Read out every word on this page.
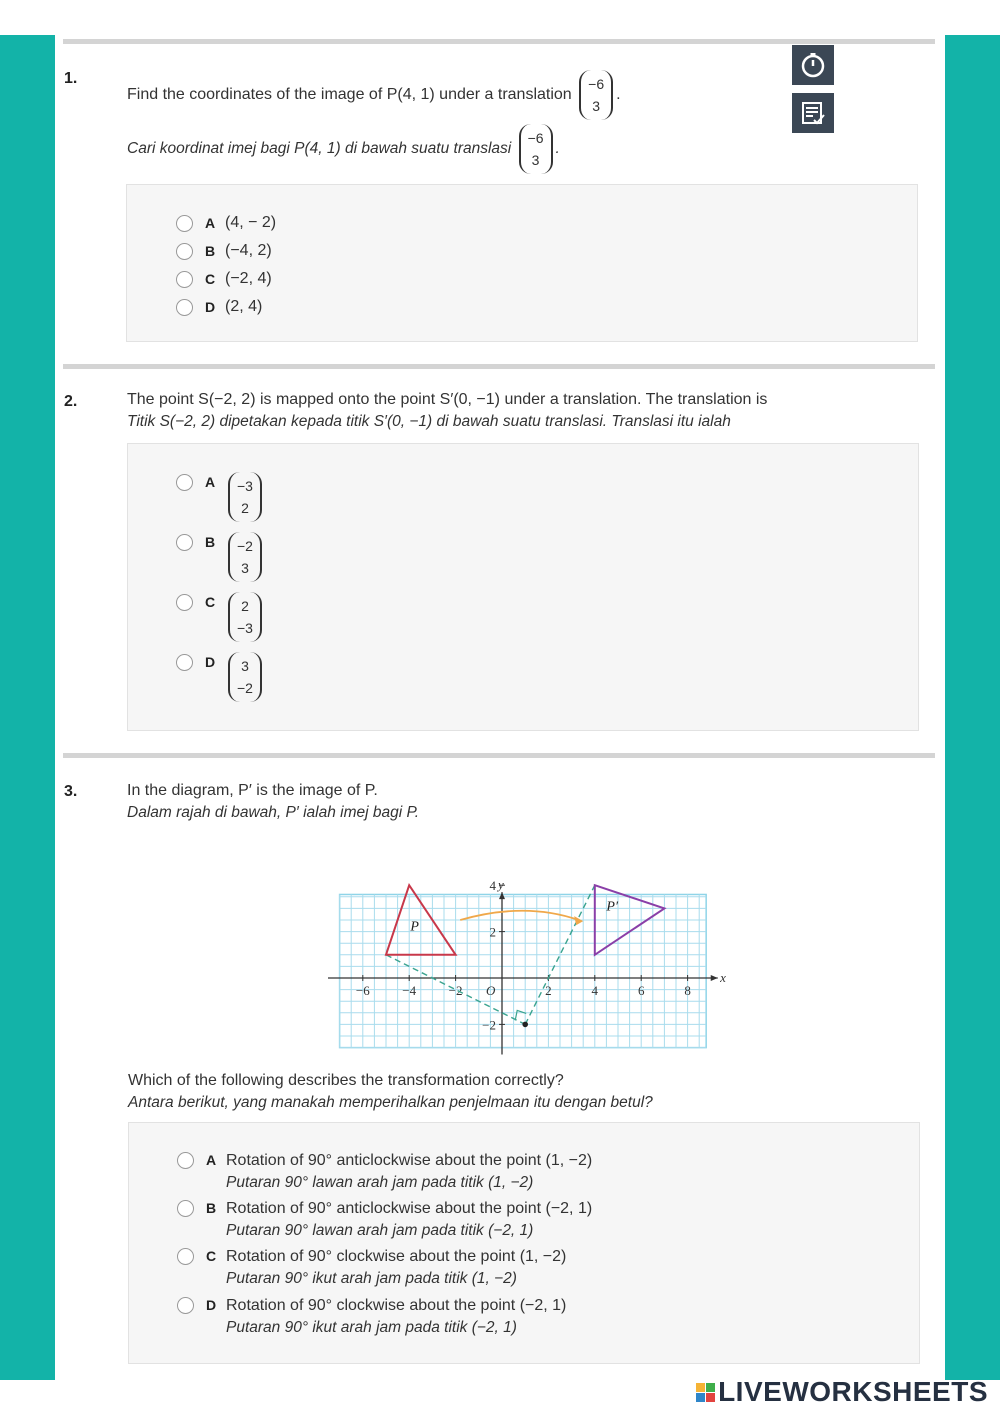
1.
Find the coordinates of the image of P(4, 1) under a translation
−6
3
.
Cari koordinat imej bagi P(4, 1) di bawah suatu translasi
−6
3
.
A (4, − 2)
B (−4, 2)
C (−2, 4)
D (2, 4)
2.	The point S(−2, 2) is mapped onto the point S′(0, −1) under a translation. The translation is
Titik S(−2, 2) dipetakan kepada titik S′(0, −1) di bawah suatu translasi. Translasi itu ialah
A	−3
2
B	−2
3
C	2
−3
D	3
−2
3.	In the diagram, P′ is the image of P.
Dalam rajah di bawah, P′ ialah imej bagi P.
x
y
−6	−4	−2	2	4	6	8
4
2
−2
O
P
P′
Which of the following describes the transformation correctly?
Antara berikut, yang manakah memperihalkan penjelmaan itu dengan betul?
A Rotation of 90° anticlockwise about the point (1, −2)
Putaran 90° lawan arah jam pada titik (1, −2)
B Rotation of 90° anticlockwise about the point (−2, 1)
Putaran 90° lawan arah jam pada titik (−2, 1)
C Rotation of 90° clockwise about the point (1, −2)
Putaran 90° ikut arah jam pada titik (1, −2)
D Rotation of 90° clockwise about the point (−2, 1)
Putaran 90° ikut arah jam pada titik (−2, 1)
LIVEWORKSHEETS
